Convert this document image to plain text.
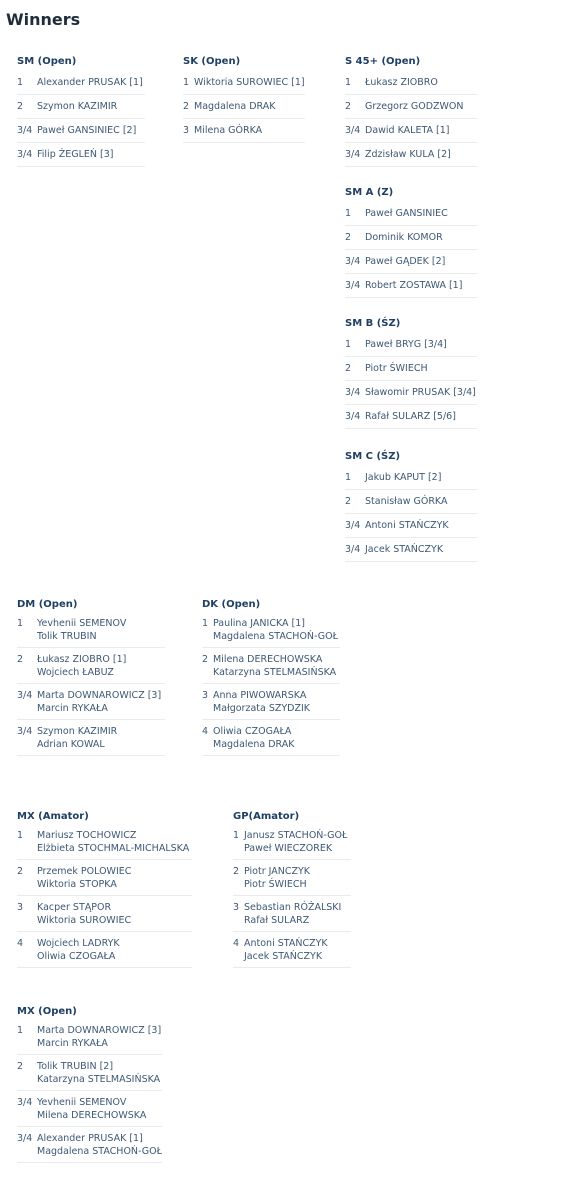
Winners
SM (Open)
1	Alexander PRUSAK [1]
2	Szymon KAZIMIR
3/4 Paweł GANSINIEC [2]
3/4 Filip ŻEGLEŃ [3]
SK (Open)
1 Wiktoria SUROWIEC [1]
2 Magdalena DRAK
3 Milena GÓRKA
S 45+ (Open)
1	Łukasz ZIOBRO
2	Grzegorz GODZWON
3/4 Dawid KALETA [1]
3/4 Zdzisław KULA [2]
SM A (Z)
1	Paweł GANSINIEC
2	Dominik KOMOR
3/4 Paweł GĄDEK [2]
3/4 Robert ZOSTAWA [1]
SM B (ŚZ)
1	Paweł BRYG [3/4]
2	Piotr ŚWIECH
3/4 Sławomir PRUSAK [3/4]
3/4 Rafał SULARZ [5/6]
SM C (ŚZ)
1	Jakub KAPUT [2]
2	Stanisław GÓRKA
3/4 Antoni STAŃCZYK
3/4 Jacek STAŃCZYK
DM (Open)
1	Yevhenii SEMENOV
Tolik TRUBIN
2	Łukasz ZIOBRO [1]
Wojciech ŁABUZ
3/4 Marta DOWNAROWICZ [3]
Marcin RYKAŁA
3/4 Szymon KAZIMIR
Adrian KOWAL
DK (Open)
1 Paulina JANICKA [1]
Magdalena STACHOŃ-GOŁ
2 Milena DERECHOWSKA
Katarzyna STELMASIŃSKA
3 Anna PIWOWARSKA
Małgorzata SZYDZIK
4 Oliwia CZOGAŁA
Magdalena DRAK
MX (Amator)
1	Mariusz TOCHOWICZ
Elżbieta STOCHMAL-MICHALSKA
2	Przemek POLOWIEC
Wiktoria STOPKA
3	Kacper STĄPOR
Wiktoria SUROWIEC
4	Wojciech LADRYK
Oliwia CZOGAŁA
GP(Amator)
1 Janusz STACHOŃ-GOŁ
Paweł WIECZOREK
2 Piotr JANCZYK
Piotr ŚWIECH
3 Sebastian RÓŻALSKI
Rafał SULARZ
4 Antoni STAŃCZYK
Jacek STAŃCZYK
MX (Open)
1	Marta DOWNAROWICZ [3]
Marcin RYKAŁA
2	Tolik TRUBIN [2]
Katarzyna STELMASIŃSKA
3/4 Yevhenii SEMENOV
Milena DERECHOWSKA
3/4 Alexander PRUSAK [1]
Magdalena STACHOŃ-GOŁ
